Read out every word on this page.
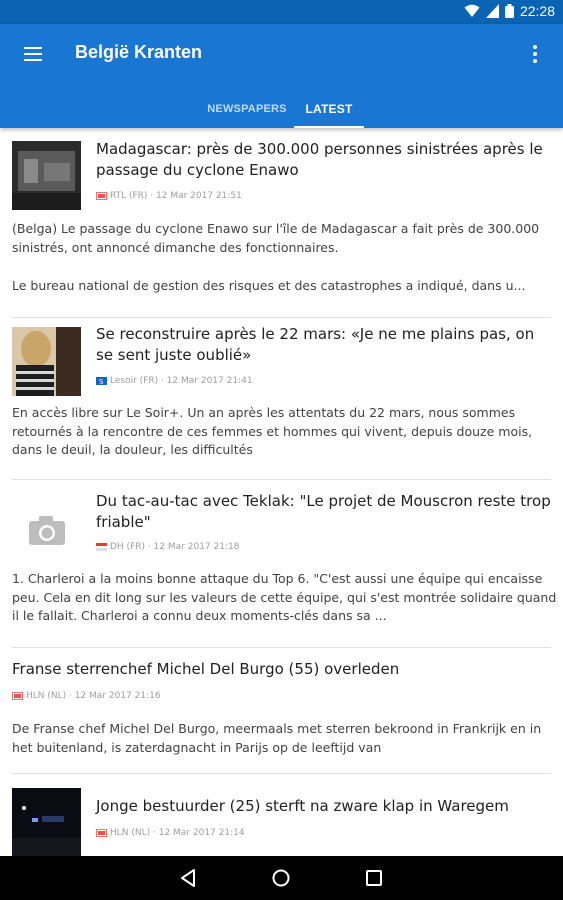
22:28
België Kranten
NEWSPAPERS	LATEST
Madagascar: près de 300.000 personnes sinistrées après le passage du cyclone Enawo
RTL (FR) · 12 Mar 2017 21:51
(Belga) Le passage du cyclone Enawo sur l'île de Madagascar a fait près de 300.000 sinistrés, ont annoncé dimanche des fonctionnaires.
Le bureau national de gestion des risques et des catastrophes a indiqué, dans u...
Se reconstruire après le 22 mars: «Je ne me plains pas, on se sent juste oublié»
S Lesoir (FR) · 12 Mar 2017 21:41
En accès libre sur Le Soir+. Un an après les attentats du 22 mars, nous sommes retournés à la rencontre de ces femmes et hommes qui vivent, depuis douze mois, dans le deuil, la douleur, les difficultés
Du tac-au-tac avec Teklak: "Le projet de Mouscron reste trop friable"
DH (FR) · 12 Mar 2017 21:18
1. Charleroi a la moins bonne attaque du Top 6. "C'est aussi une équipe qui encaisse peu. Cela en dit long sur les valeurs de cette équipe, qui s'est montrée solidaire quand il le fallait. Charleroi a connu deux moments-clés dans sa ...
Franse sterrenchef Michel Del Burgo (55) overleden
HLN (NL) · 12 Mar 2017 21:16
De Franse chef Michel Del Burgo, meermaals met sterren bekroond in Frankrijk en in het buitenland, is zaterdagnacht in Parijs op de leeftijd van
Jonge bestuurder (25) sterft na zware klap in Waregem
HLN (NL) · 12 Mar 2017 21:14
